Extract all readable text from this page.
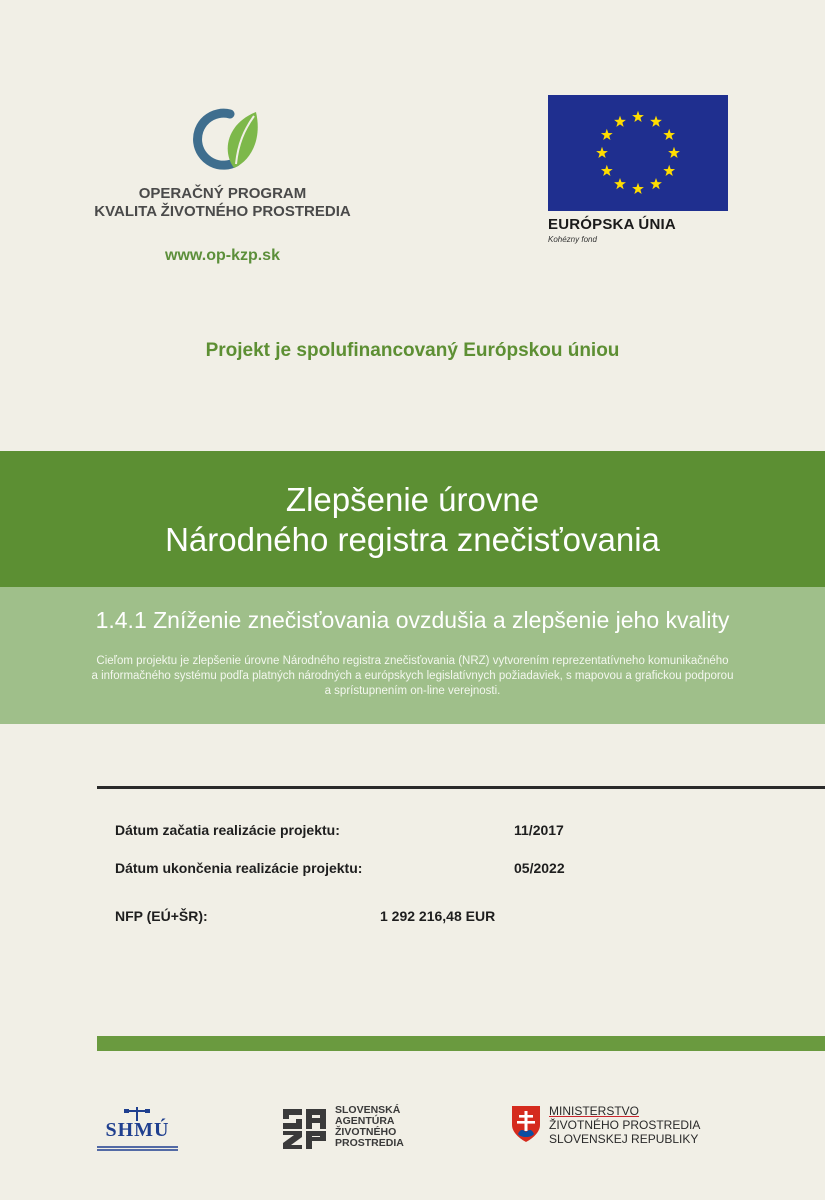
OPERAČNÝ PROGRAM
KVALITA ŽIVOTNÉHO PROSTREDIA
www.op-kzp.sk
EURÓPSKA ÚNIA
Kohézny fond
Projekt je spolufinancovaný Európskou úniou
Zlepšenie úrovne
Národného registra znečisťovania
1.4.1 Zníženie znečisťovania ovzdušia a zlepšenie jeho kvality
Cieľom projektu je zlepšenie úrovne Národného registra znečisťovania (NRZ) vytvorením reprezentatívneho komunikačného
a informačného systému podľa platných národných a európskych legislatívnych požiadaviek, s mapovou a grafickou podporou
a sprístupnením on-line verejnosti.
Dátum začatia realizácie projektu:	11/2017
Dátum ukončenia realizácie projektu:	05/2022
NFP (EÚ+ŠR):	1 292 216,48 EUR
SHMÚ
SLOVENSKÁ
AGENTÚRA
ŽIVOTNÉHO
PROSTREDIA
MINISTERSTVO
ŽIVOTNÉHO PROSTREDIA
SLOVENSKEJ REPUBLIKY
